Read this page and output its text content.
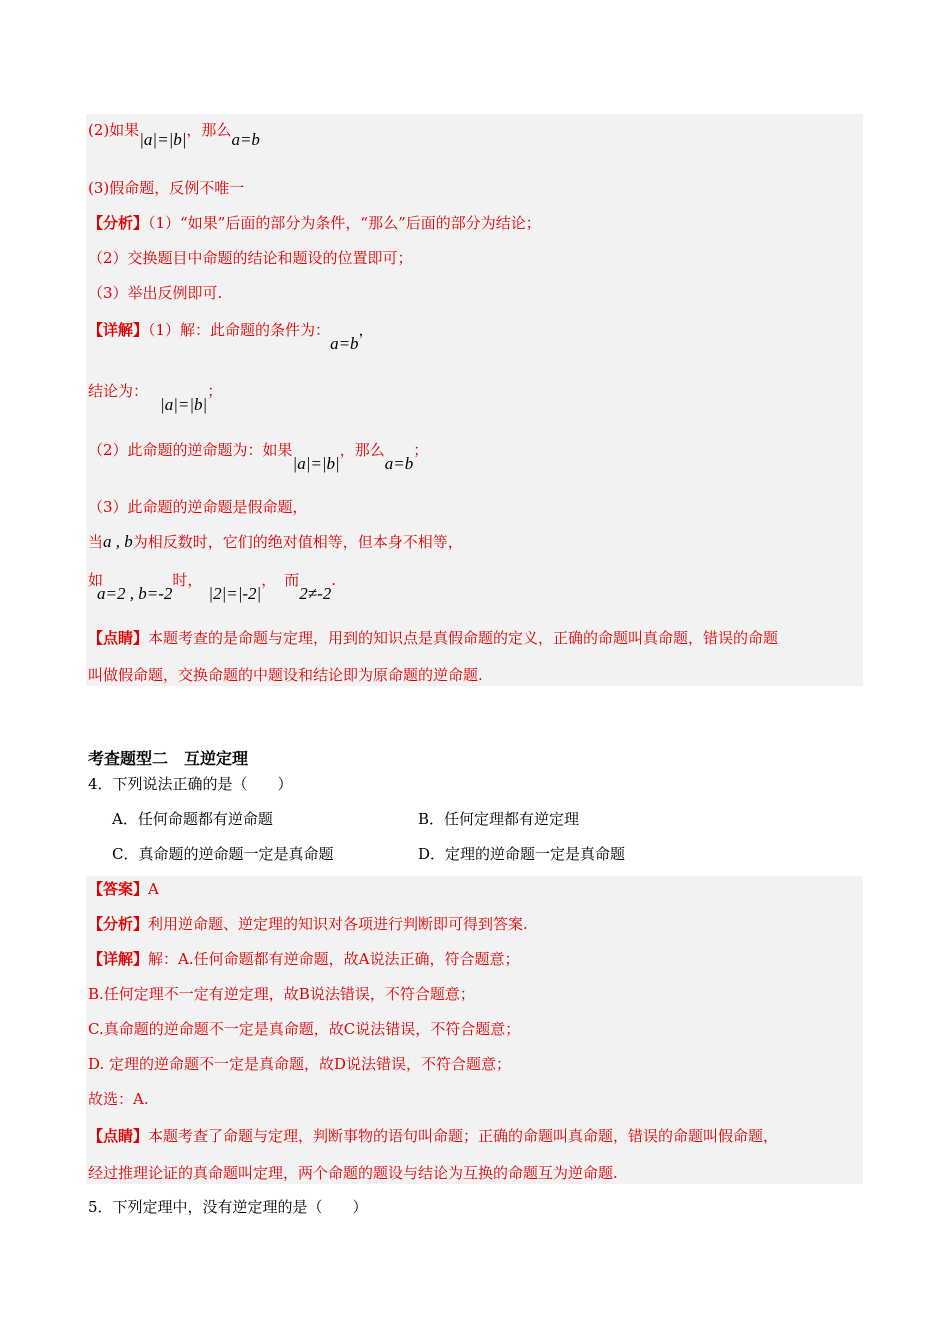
(2)如果|a|=|b|，那么a=b
(3)假命题，反例不唯一
【分析】（1）“如果”后面的部分为条件，“那么”后面的部分为结论；
（2）交换题目中命题的结论和题设的位置即可；
（3）举出反例即可.
【详解】（1）解：此命题的条件为：a=b，
结论为：|a|=|b|；
（2）此命题的逆命题为：如果|a|=|b|，那么a=b；
（3）此命题的逆命题是假命题，
当a , b为相反数时，它们的绝对值相等，但本身不相等，
如a=2 , b=-2时，|2|=|-2|， 而2≠-2.
【点睛】本题考查的是命题与定理，用到的知识点是真假命题的定义，正确的命题叫真命题，错误的命题
叫做假命题，交换命题的中题设和结论即为原命题的逆命题.
考查题型二　互逆定理
4．下列说法正确的是（　　）
A．任何命题都有逆命题	B．任何定理都有逆定理
C．真命题的逆命题一定是真命题	D．定理的逆命题一定是真命题
【答案】A
【分析】利用逆命题、逆定理的知识对各项进行判断即可得到答案.
【详解】解：A.任何命题都有逆命题，故A说法正确，符合题意；
B.任何定理不一定有逆定理，故B说法错误，不符合题意；
C.真命题的逆命题不一定是真命题，故C说法错误，不符合题意；
D. 定理的逆命题不一定是真命题，故D说法错误，不符合题意；
故选：A.
【点睛】本题考查了命题与定理，判断事物的语句叫命题；正确的命题叫真命题，错误的命题叫假命题，
经过推理论证的真命题叫定理，两个命题的题设与结论为互换的命题互为逆命题.
5．下列定理中，没有逆定理的是（　　）
